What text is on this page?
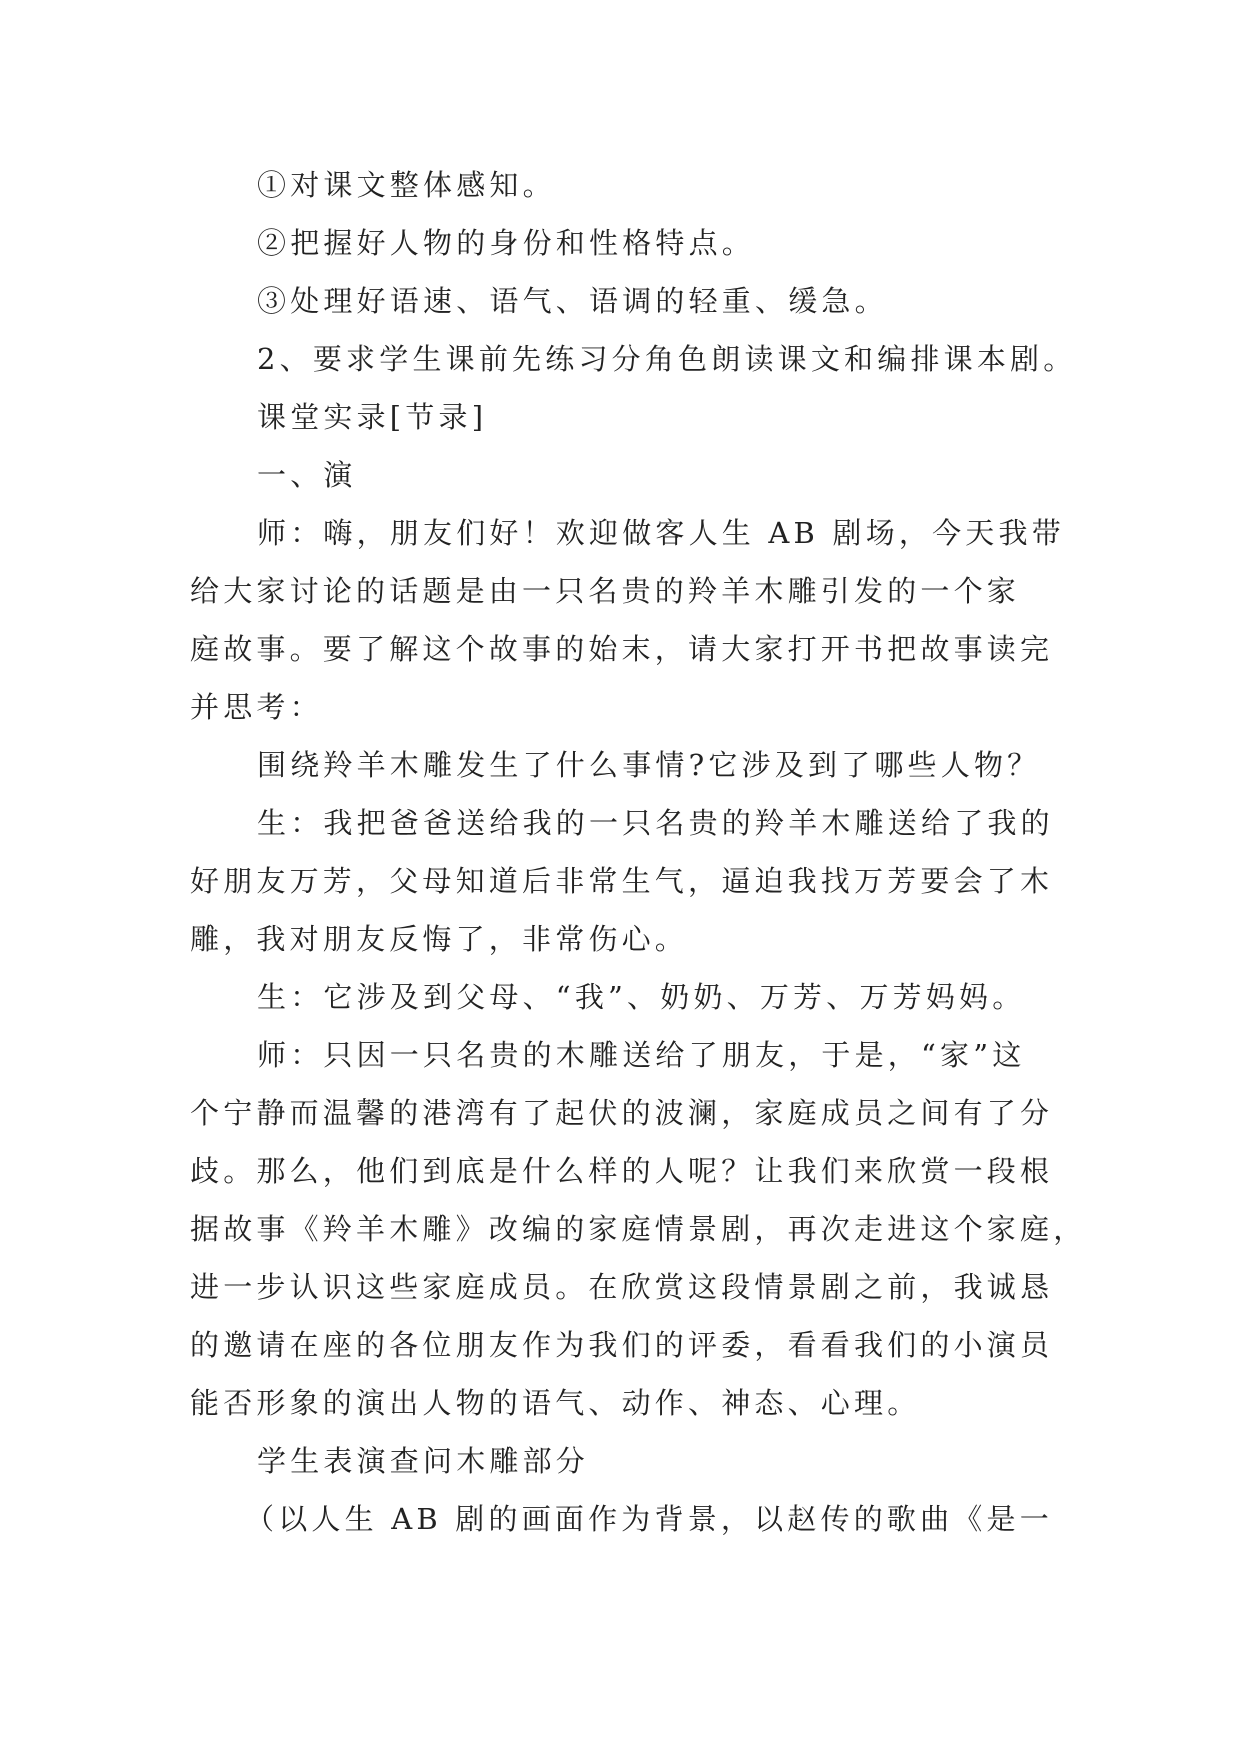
①对课文整体感知。
②把握好人物的身份和性格特点。
③处理好语速、语气、语调的轻重、缓急。
2、要求学生课前先练习分角色朗读课文和编排课本剧。
课堂实录[节录]
一、演
师：嗨，朋友们好！欢迎做客人生 AB 剧场，今天我带
给大家讨论的话题是由一只名贵的羚羊木雕引发的一个家
庭故事。要了解这个故事的始末，请大家打开书把故事读完
并思考：
围绕羚羊木雕发生了什么事情?它涉及到了哪些人物？
生：我把爸爸送给我的一只名贵的羚羊木雕送给了我的
好朋友万芳，父母知道后非常生气，逼迫我找万芳要会了木
雕，我对朋友反悔了，非常伤心。
生：它涉及到父母、“我”、奶奶、万芳、万芳妈妈。
师：只因一只名贵的木雕送给了朋友，于是，“家”这
个宁静而温馨的港湾有了起伏的波澜，家庭成员之间有了分
歧。那么，他们到底是什么样的人呢？让我们来欣赏一段根
据故事《羚羊木雕》改编的家庭情景剧，再次走进这个家庭，
进一步认识这些家庭成员。在欣赏这段情景剧之前，我诚恳
的邀请在座的各位朋友作为我们的评委，看看我们的小演员
能否形象的演出人物的语气、动作、神态、心理。
学生表演查问木雕部分
（以人生 AB 剧的画面作为背景，以赵传的歌曲《是一
